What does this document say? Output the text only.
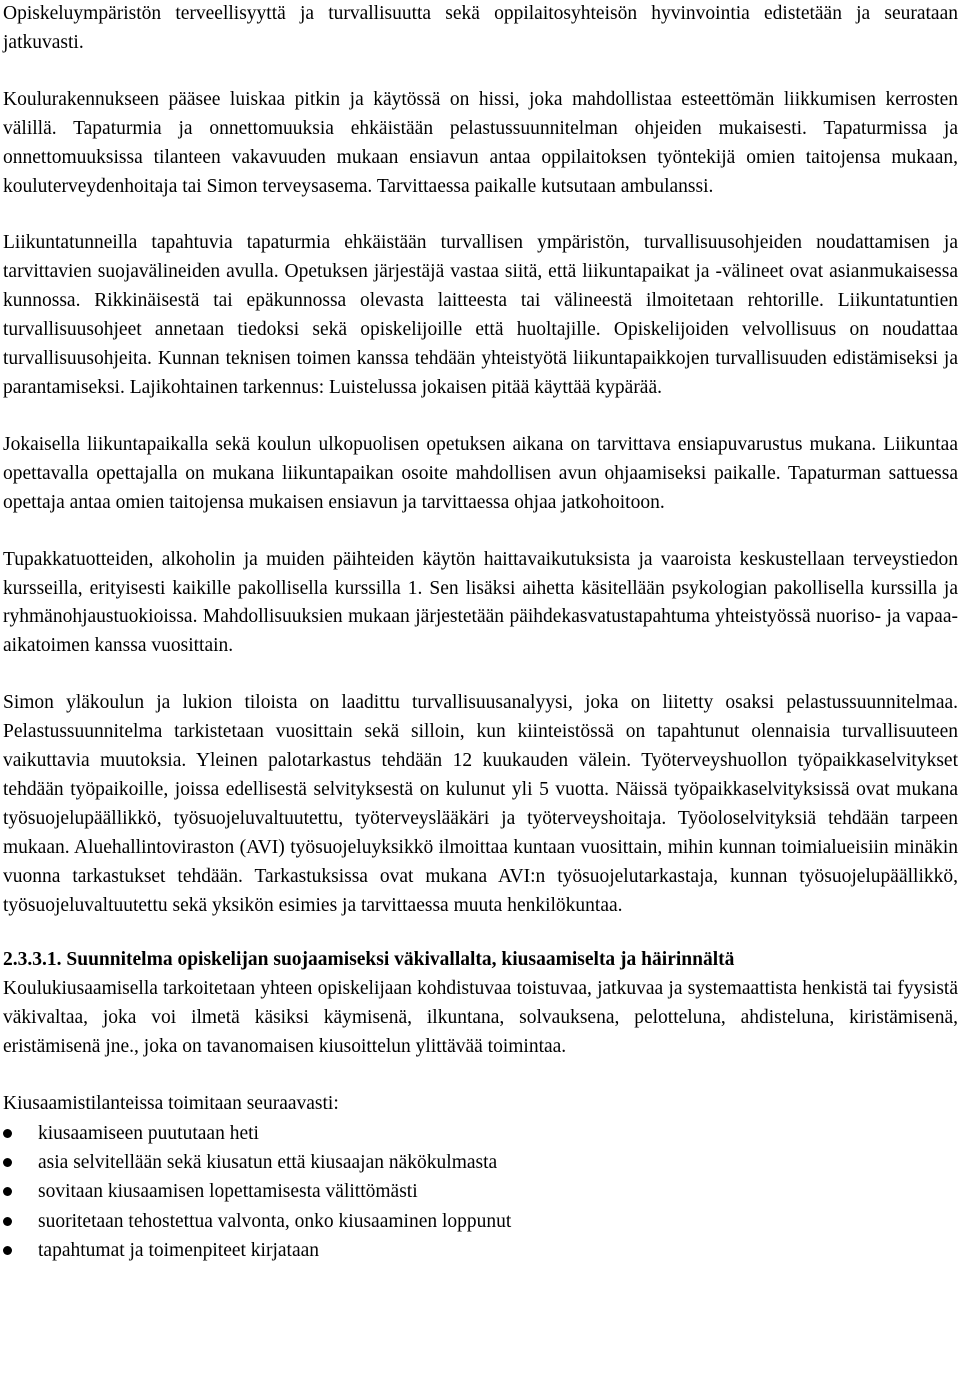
Opiskeluympäristön terveellisyyttä ja turvallisuutta sekä oppilaitosyhteisön hyvinvointia edistetään ja seurataan jatkuvasti.

Koulurakennukseen pääsee luiskaa pitkin ja käytössä on hissi, joka mahdollistaa esteettömän liikkumisen kerrosten välillä. Tapaturmia ja onnettomuuksia ehkäistään pelastussuunnitelman ohjeiden mukaisesti. Tapaturmissa ja onnettomuuksissa tilanteen vakavuuden mukaan ensiavun antaa oppilaitoksen työntekijä omien taitojensa mukaan, kouluterveydenhoitaja tai Simon terveysasema. Tarvittaessa paikalle kutsutaan ambulanssi.

Liikuntatunneilla tapahtuvia tapaturmia ehkäistään turvallisen ympäristön, turvallisuusohjeiden noudattamisen ja tarvittavien suojavälineiden avulla. Opetuksen järjestäjä vastaa siitä, että liikuntapaikat ja -välineet ovat asianmukaisessa kunnossa. Rikkinäisestä tai epäkunnossa olevasta laitteesta tai välineestä ilmoitetaan rehtorille. Liikuntatuntien turvallisuusohjeet annetaan tiedoksi sekä opiskelijoille että huoltajille. Opiskelijoiden velvollisuus on noudattaa turvallisuusohjeita. Kunnan teknisen toimen kanssa tehdään yhteistyötä liikuntapaikkojen turvallisuuden edistämiseksi ja parantamiseksi. Lajikohtainen tarkennus: Luistelussa jokaisen pitää käyttää kypärää.

Jokaisella liikuntapaikalla sekä koulun ulkopuolisen opetuksen aikana on tarvittava ensiapuvarustus mukana. Liikuntaa opettavalla opettajalla on mukana liikuntapaikan osoite mahdollisen avun ohjaamiseksi paikalle. Tapaturman sattuessa opettaja antaa omien taitojensa mukaisen ensiavun ja tarvittaessa ohjaa jatkohoitoon.

Tupakkatuotteiden, alkoholin ja muiden päihteiden käytön haittavaikutuksista ja vaaroista keskustellaan terveystiedon kursseilla, erityisesti kaikille pakollisella kurssilla 1. Sen lisäksi aihetta käsitellään psykologian pakollisella kurssilla ja ryhmänohjaustuokioissa. Mahdollisuuksien mukaan järjestetään päihdekasvatustapahtuma yhteistyössä nuoriso- ja vapaa-aikatoimen kanssa vuosittain.

Simon yläkoulun ja lukion tiloista on laadittu turvallisuusanalyysi, joka on liitetty osaksi pelastussuunnitelmaa. Pelastussuunnitelma tarkistetaan vuosittain sekä silloin, kun kiinteistössä on tapahtunut olennaisia turvallisuuteen vaikuttavia muutoksia. Yleinen palotarkastus tehdään 12 kuukauden välein. Työterveyshuollon työpaikkaselvitykset tehdään työpaikoille, joissa edellisestä selvityksestä on kulunut yli 5 vuotta. Näissä työpaikkaselvityksissä ovat mukana työsuojelupäällikkö, työsuojeluvaltuutettu, työterveyslääkäri ja työterveyshoitaja. Työoloselvityksiä tehdään tarpeen mukaan. Aluehallintoviraston (AVI) työsuojeluyksikkö ilmoittaa kuntaan vuosittain, mihin kunnan toimialueisiin minäkin vuonna tarkastukset tehdään. Tarkastuksissa ovat mukana AVI:n työsuojelutarkastaja, kunnan työsuojelupäällikkö, työsuojeluvaltuutettu sekä yksikön esimies ja tarvittaessa muuta henkilökuntaa.

2.3.3.1. Suunnitelma opiskelijan suojaamiseksi väkivallalta, kiusaamiselta ja häirinnältä

Koulukiusaamisella tarkoitetaan yhteen opiskelijaan kohdistuvaa toistuvaa, jatkuvaa ja systemaattista henkistä tai fyysistä väkivaltaa, joka voi ilmetä käsiksi käymisenä, ilkuntana, solvauksena, pelotteluna, ahdisteluna, kiristämisenä, eristämisenä jne., joka on tavanomaisen kiusoittelun ylittävää toimintaa.

Kiusaamistilanteissa toimitaan seuraavasti:

kiusaamiseen puututaan heti
asia selvitellään sekä kiusatun että kiusaajan näkökulmasta
sovitaan kiusaamisen lopettamisesta välittömästi
suoritetaan tehostettua valvonta, onko kiusaaminen loppunut
tapahtumat ja toimenpiteet kirjataan
